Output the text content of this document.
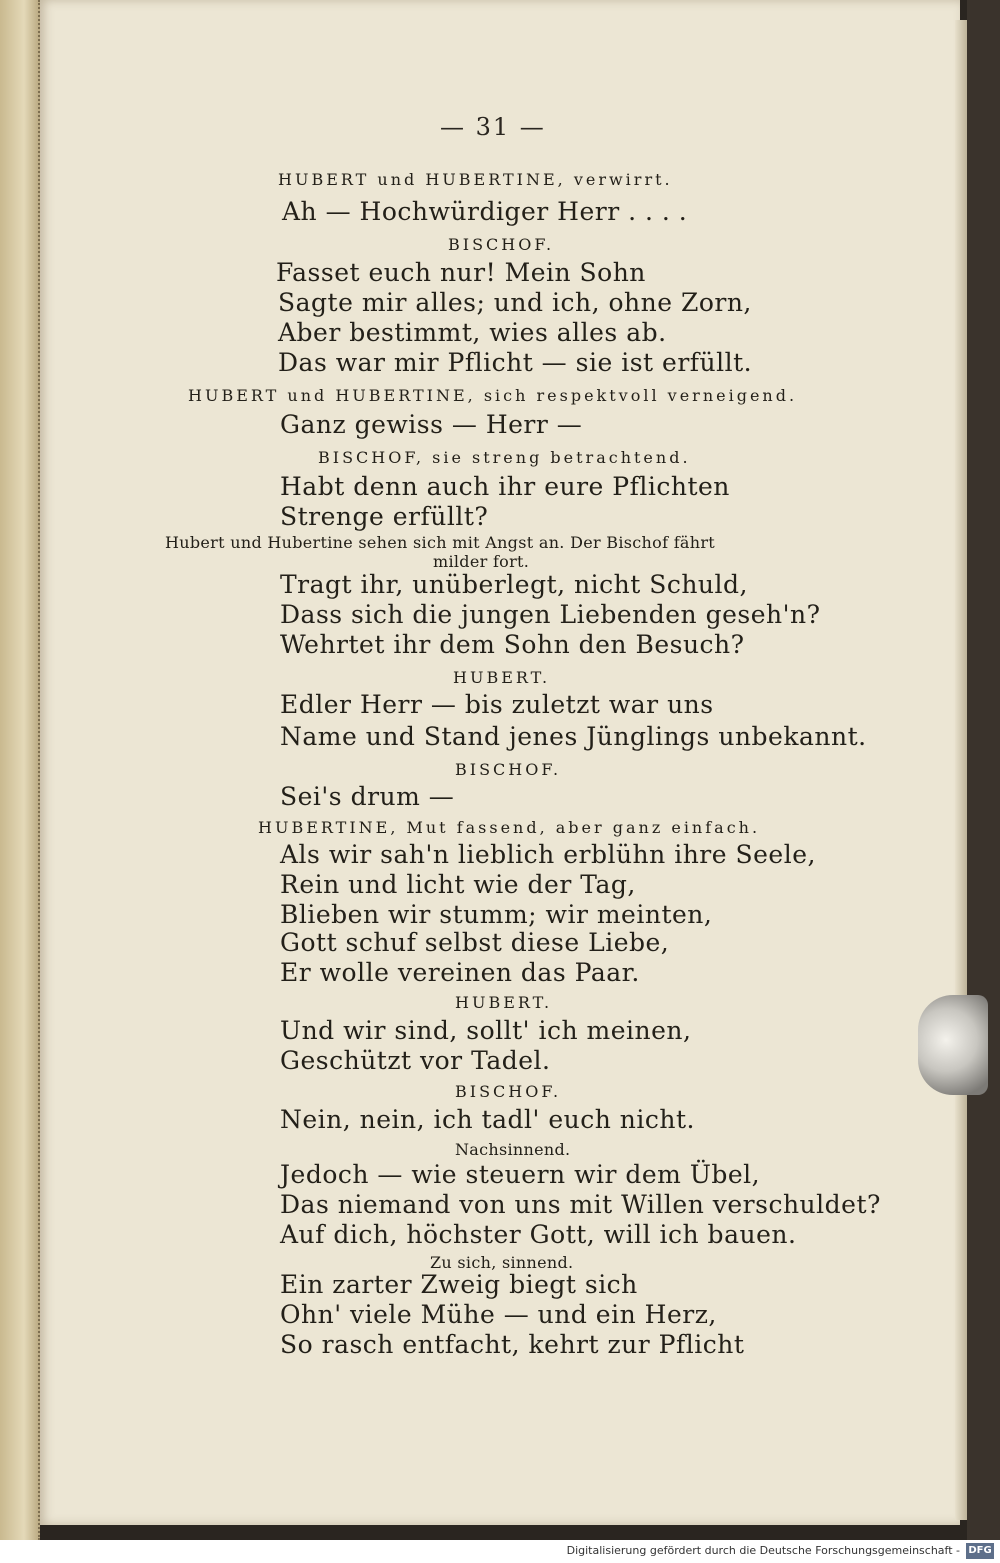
— 31 —
HUBERT und HUBERTINE, verwirrt.
Ah — Hochwürdiger Herr . . . .
BISCHOF.
Fasset euch nur! Mein Sohn
Sagte mir alles; und ich, ohne Zorn,
Aber bestimmt, wies alles ab.
Das war mir Pflicht — sie ist erfüllt.
HUBERT und HUBERTINE, sich respektvoll verneigend.
Ganz gewiss — Herr —
BISCHOF, sie streng betrachtend.
Habt denn auch ihr eure Pflichten
Strenge erfüllt?
Hubert und Hubertine sehen sich mit Angst an. Der Bischof fährt
milder fort.
Tragt ihr, unüberlegt, nicht Schuld,
Dass sich die jungen Liebenden geseh'n?
Wehrtet ihr dem Sohn den Besuch?
HUBERT.
Edler Herr — bis zuletzt war uns
Name und Stand jenes Jünglings unbekannt.
BISCHOF.
Sei's drum —
HUBERTINE, Mut fassend, aber ganz einfach.
Als wir sah'n lieblich erblühn ihre Seele,
Rein und licht wie der Tag,
Blieben wir stumm; wir meinten,
Gott schuf selbst diese Liebe,
Er wolle vereinen das Paar.
HUBERT.
Und wir sind, sollt' ich meinen,
Geschützt vor Tadel.
BISCHOF.
Nein, nein, ich tadl' euch nicht.
Nachsinnend.
Jedoch — wie steuern wir dem Übel,
Das niemand von uns mit Willen verschuldet?
Auf dich, höchster Gott, will ich bauen.
Zu sich, sinnend.
Ein zarter Zweig biegt sich
Ohn' viele Mühe — und ein Herz,
So rasch entfacht, kehrt zur Pflicht
Digitalisierung gefördert durch die Deutsche Forschungsgemeinschaft - DFG
